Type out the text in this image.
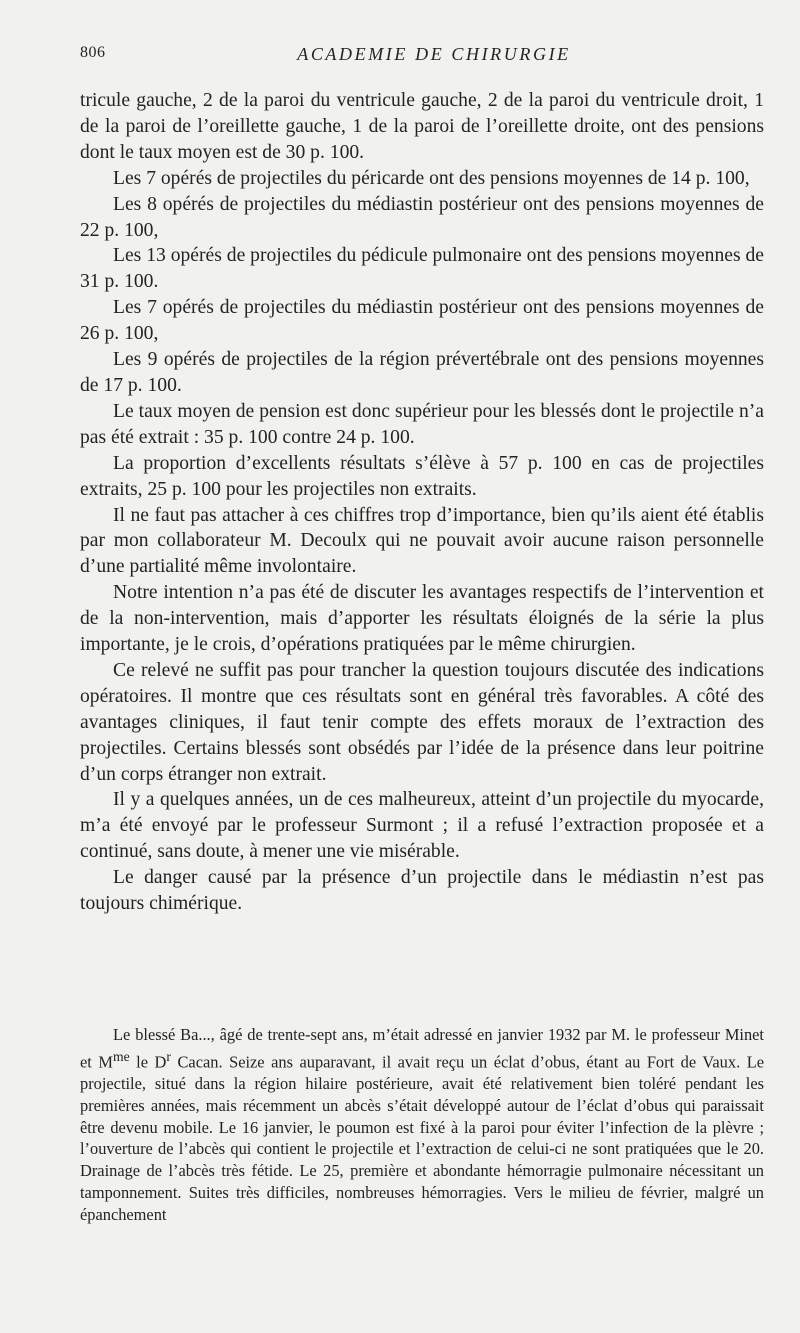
806	ACADEMIE DE CHIRURGIE

tricule gauche, 2 de la paroi du ventricule gauche, 2 de la paroi du ventricule droit, 1 de la paroi de l’oreillette gauche, 1 de la paroi de l’oreillette droite, ont des pensions dont le taux moyen est de 30 p. 100.

Les 7 opérés de projectiles du péricarde ont des pensions moyennes de 14 p. 100,

Les 8 opérés de projectiles du médiastin postérieur ont des pensions moyennes de 22 p. 100,

Les 13 opérés de projectiles du pédicule pulmonaire ont des pensions moyennes de 31 p. 100.

Les 7 opérés de projectiles du médiastin postérieur ont des pensions moyennes de 26 p. 100,

Les 9 opérés de projectiles de la région prévertébrale ont des pensions moyennes de 17 p. 100.

Le taux moyen de pension est donc supérieur pour les blessés dont le projectile n’a pas été extrait : 35 p. 100 contre 24 p. 100.

La proportion d’excellents résultats s’élève à 57 p. 100 en cas de projectiles extraits, 25 p. 100 pour les projectiles non extraits.

Il ne faut pas attacher à ces chiffres trop d’importance, bien qu’ils aient été établis par mon collaborateur M. Decoulx qui ne pouvait avoir aucune raison personnelle d’une partialité même involontaire.

Notre intention n’a pas été de discuter les avantages respectifs de l’intervention et de la non-intervention, mais d’apporter les résultats éloignés de la série la plus importante, je le crois, d’opérations pratiquées par le même chirurgien.

Ce relevé ne suffit pas pour trancher la question toujours discutée des indications opératoires. Il montre que ces résultats sont en général très favorables. A côté des avantages cliniques, il faut tenir compte des effets moraux de l’extraction des projectiles. Certains blessés sont obsédés par l’idée de la présence dans leur poitrine d’un corps étranger non extrait.

Il y a quelques années, un de ces malheureux, atteint d’un projectile du myocarde, m’a été envoyé par le professeur Surmont ; il a refusé l’extraction proposée et a continué, sans doute, à mener une vie misérable.

Le danger causé par la présence d’un projectile dans le médiastin n’est pas toujours chimérique.

Le blessé Ba..., âgé de trente-sept ans, m’était adressé en janvier 1932 par M. le professeur Minet et $M^{me}$ le $D^r$ Cacan. Seize ans auparavant, il avait reçu un éclat d’obus, étant au Fort de Vaux. Le projectile, situé dans la région hilaire postérieure, avait été relativement bien toléré pendant les premières années, mais récemment un abcès s’était développé autour de l’éclat d’obus qui paraissait être devenu mobile. Le 16 janvier, le poumon est fixé à la paroi pour éviter l’infection de la plèvre ; l’ouverture de l’abcès qui contient le projectile et l’extraction de celui-ci ne sont pratiquées que le 20. Drainage de l’abcès très fétide. Le 25, première et abondante hémorragie pulmonaire nécessitant un tamponnement. Suites très difficiles, nombreuses hémorragies. Vers le milieu de février, malgré un épanchement
